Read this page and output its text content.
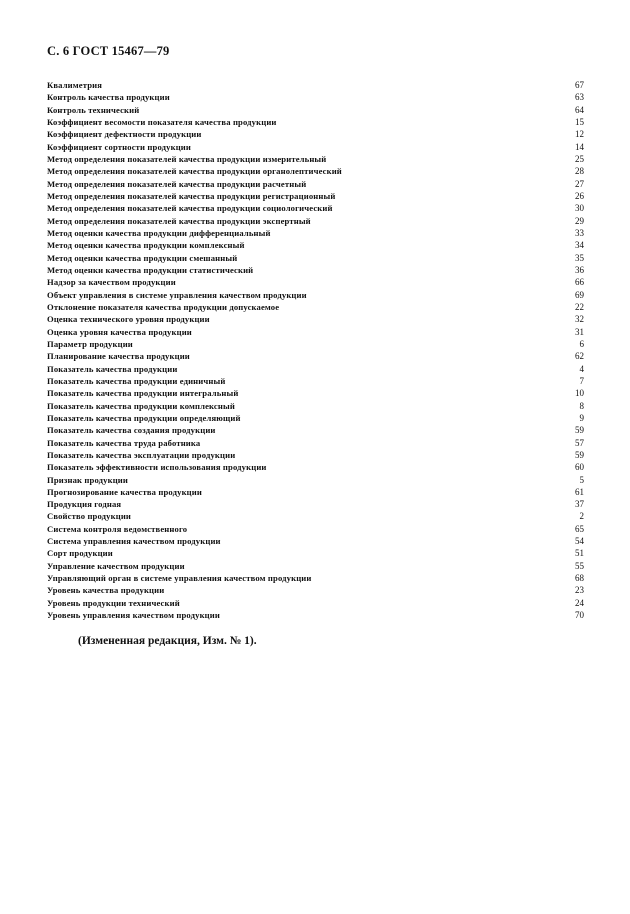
С. 6 ГОСТ 15467—79
Квалиметрия	67
Контроль качества продукции	63
Контроль технический	64
Коэффициент весомости показателя качества продукции	15
Коэффициент дефектности продукции	12
Коэффициент сортности продукции	14
Метод определения показателей качества продукции измерительный	25
Метод определения показателей качества продукции органолептический	28
Метод определения показателей качества продукции расчетный	27
Метод определения показателей качества продукции регистрационный	26
Метод определения показателей качества продукции социологический	30
Метод определения показателей качества продукции экспертный	29
Метод оценки качества продукции дифференциальный	33
Метод оценки качества продукции комплексный	34
Метод оценки качества продукции смешанный	35
Метод оценки качества продукции статистический	36
Надзор за качеством продукции	66
Объект управления в системе управления качеством продукции	69
Отклонение показателя качества продукции допускаемое	22
Оценка технического уровня продукции	32
Оценка уровня качества продукции	31
Параметр продукции	6
Планирование качества продукции	62
Показатель качества продукции	4
Показатель качества продукции единичный	7
Показатель качества продукции интегральный	10
Показатель качества продукции комплексный	8
Показатель качества продукции определяющий	9
Показатель качества создания продукции	59
Показатель качества труда работника	57
Показатель качества эксплуатации продукции	59
Показатель эффективности использования продукции	60
Признак продукции	5
Прогнозирование качества продукции	61
Продукция годная	37
Свойство продукции	2
Система контроля ведомственного	65
Система управления качеством продукции	54
Сорт продукции	51
Управление качеством продукции	55
Управляющий орган в системе управления качеством продукции	68
Уровень качества продукции	23
Уровень продукции технический	24
Уровень управления качеством продукции	70

(Измененная редакция, Изм. № 1).
